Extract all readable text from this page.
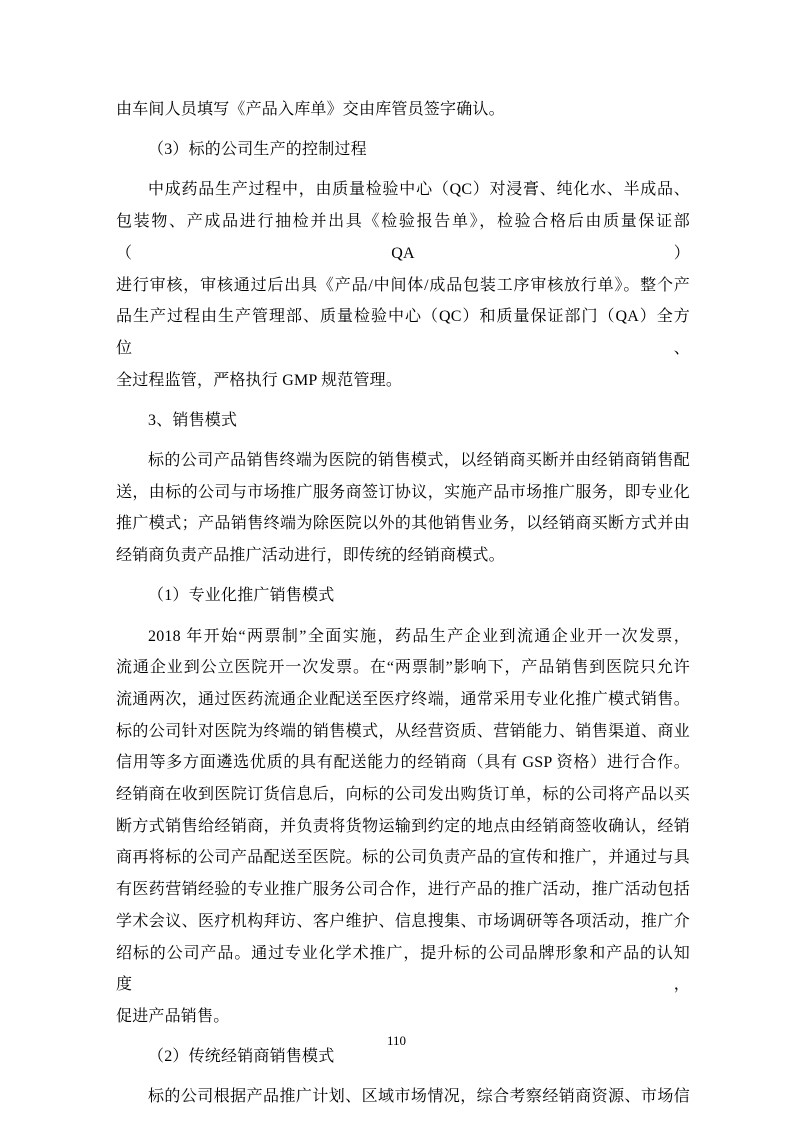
由车间人员填写《产品入库单》交由库管员签字确认。
（3）标的公司生产的控制过程
中成药品生产过程中，由质量检验中心（QC）对浸膏、纯化水、半成品、
包装物、产成品进行抽检并出具《检验报告单》，检验合格后由质量保证部（QA）
进行审核，审核通过后出具《产品/中间体/成品包装工序审核放行单》。整个产
品生产过程由生产管理部、质量检验中心（QC）和质量保证部门（QA）全方位、
全过程监管，严格执行 GMP 规范管理。
3、销售模式
标的公司产品销售终端为医院的销售模式，以经销商买断并由经销商销售配
送，由标的公司与市场推广服务商签订协议，实施产品市场推广服务，即专业化
推广模式；产品销售终端为除医院以外的其他销售业务，以经销商买断方式并由
经销商负责产品推广活动进行，即传统的经销商模式。
（1）专业化推广销售模式
2018 年开始“两票制”全面实施，药品生产企业到流通企业开一次发票，
流通企业到公立医院开一次发票。在“两票制”影响下，产品销售到医院只允许
流通两次，通过医药流通企业配送至医疗终端，通常采用专业化推广模式销售。
标的公司针对医院为终端的销售模式，从经营资质、营销能力、销售渠道、商业
信用等多方面遴选优质的具有配送能力的经销商（具有 GSP 资格）进行合作。
经销商在收到医院订货信息后，向标的公司发出购货订单，标的公司将产品以买
断方式销售给经销商，并负责将货物运输到约定的地点由经销商签收确认，经销
商再将标的公司产品配送至医院。标的公司负责产品的宣传和推广，并通过与具
有医药营销经验的专业推广服务公司合作，进行产品的推广活动，推广活动包括
学术会议、医疗机构拜访、客户维护、信息搜集、市场调研等各项活动，推广介
绍标的公司产品。通过专业化学术推广，提升标的公司品牌形象和产品的认知度，
促进产品销售。
（2）传统经销商销售模式
标的公司根据产品推广计划、区域市场情况，综合考察经销商资源、市场信
110
